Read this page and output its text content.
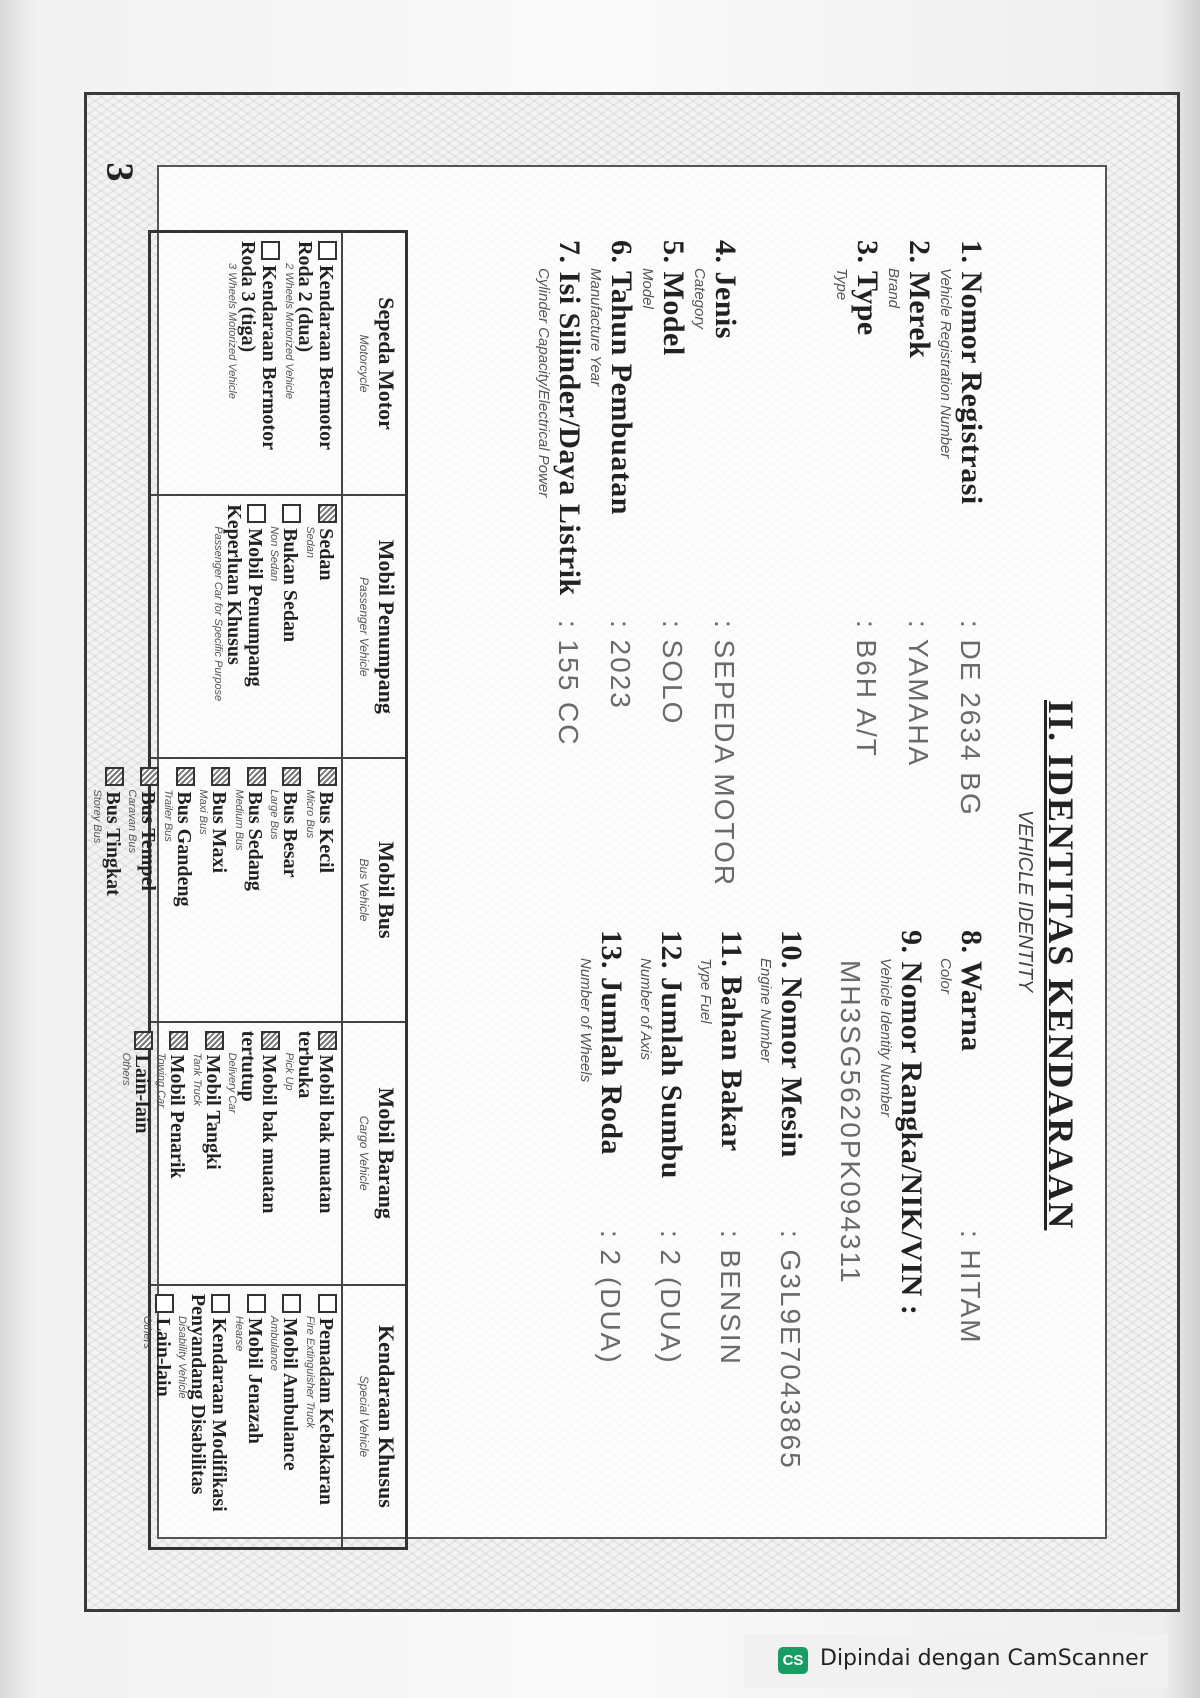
3
II. IDENTITAS KENDARAAN
VEHICLE IDENTITY
1. Nomor Registrasi
Vehicle Registration Number
: DE 2634 BG
2. Merek
Brand
: YAMAHA
3. Type
Type
: B6H A/T
4. Jenis
Category
: SEPEDA MOTOR
5. Model
Model
: SOLO
6. Tahun Pembuatan
Manufacture Year
: 2023
7. Isi Silinder/Daya Listrik
Cylinder Capacity/Electrical Power
: 155 CC
8. Warna
Color
: HITAM
9. Nomor Rangka/NIK/VIN :
Vehicle Identity Number
MH3SG5620PK094311
10. Nomor Mesin
Engine Number
: G3L9E7043865
11. Bahan Bakar
Type Fuel
: BENSIN
12. Jumlah Sumbu
Number of Axis
: 2 (DUA)
13. Jumlah Roda
Number of Wheels
: 2 (DUA)
Sepeda Motor
Motorcycle
Kendaraan Bermotor Roda 2 (dua)
2 Wheels Motorized Vehicle
Kendaraan Bermotor Roda 3 (tiga)
3 Wheels Motorized Vehicle
Mobil Penumpang
Passenger Vehicle
Sedan
Sedan
Bukan Sedan
Non Sedan
Mobil Penumpang Keperluan Khusus
Passenger Car for Specific Purpose
Mobil Bus
Bus Vehicle
Bus Kecil
Micro Bus
Bus Besar
Large Bus
Bus Sedang
Medium Bus
Bus Maxi
Maxi Bus
Bus Gandeng
Trailer Bus
Bus Tempel
Caravan Bus
Bus Tingkat
Storey Bus
Mobil Barang
Cargo Vehicle
Mobil bak muatan terbuka
Pick Up
Mobil bak muatan tertutup
Delivery Car
Mobil Tangki
Tank Truck
Mobil Penarik
Towing Car
Lain-lain
Others
Kendaraan Khusus
Special Vehicle
Pemadam Kebakaran
Fire Extinguisher Truck
Mobil Ambulance
Ambulance
Mobil Jenazah
Hearse
Kendaraan Modifikasi Penyandang Disabilitas
Disability Vehicle
Lain-lain
Others
CS Dipindai dengan CamScanner
